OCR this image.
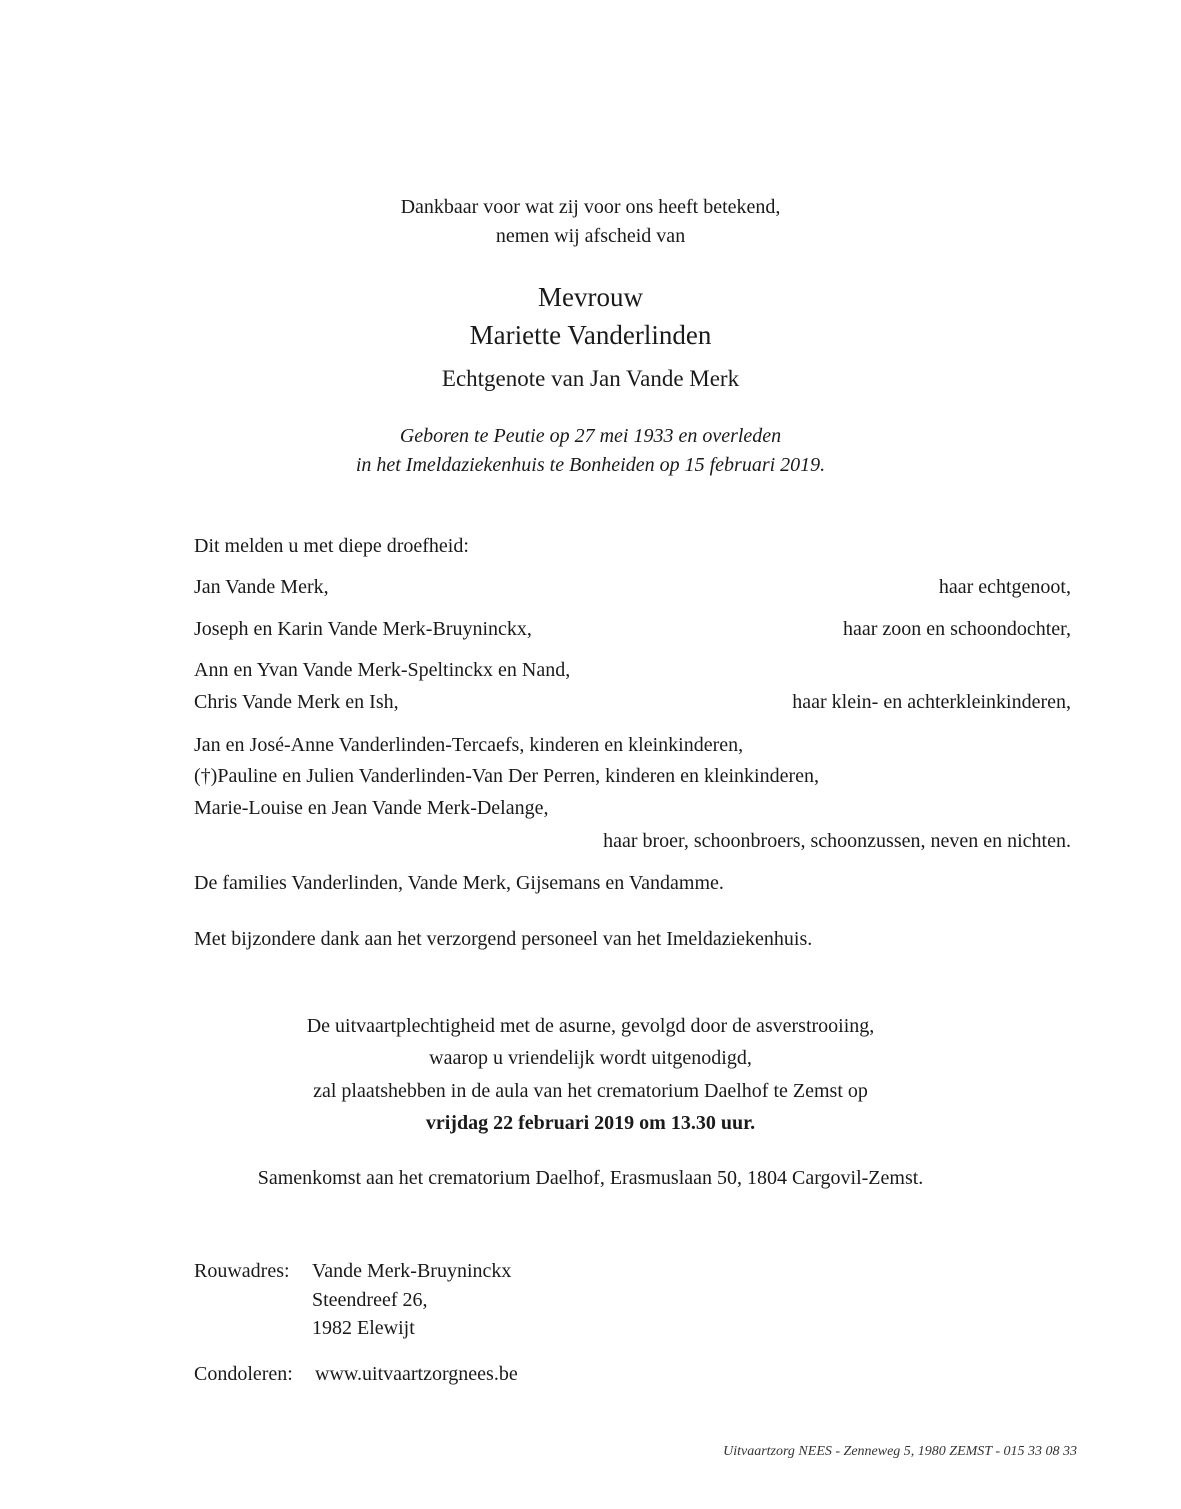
Dankbaar voor wat zij voor ons heeft betekend,
nemen wij afscheid van
Mevrouw
Mariette Vanderlinden
Echtgenote van Jan Vande Merk
Geboren te Peutie op 27 mei 1933 en overleden
in het Imeldaziekenhuis te Bonheiden op 15 februari 2019.
Dit melden u met diepe droefheid:
Jan Vande Merk,	haar echtgenoot,
Joseph en Karin Vande Merk-Bruyninckx,	haar zoon en schoondochter,
Ann en Yvan Vande Merk-Speltinckx en Nand,
Chris Vande Merk en Ish,	haar klein- en achterkleinkinderen,
Jan en José-Anne Vanderlinden-Tercaefs, kinderen en kleinkinderen,
(†)Pauline en Julien Vanderlinden-Van Der Perren, kinderen en kleinkinderen,
Marie-Louise en Jean Vande Merk-Delange,
haar broer, schoonbroers, schoonzussen, neven en nichten.
De families Vanderlinden, Vande Merk, Gijsemans en Vandamme.
Met bijzondere dank aan het verzorgend personeel van het Imeldaziekenhuis.
De uitvaartplechtigheid met de asurne, gevolgd door de asverstrooiing,
waarop u vriendelijk wordt uitgenodigd,
zal plaatshebben in de aula van het crematorium Daelhof te Zemst op
vrijdag 22 februari 2019 om 13.30 uur.
Samenkomst aan het crematorium Daelhof, Erasmuslaan 50, 1804 Cargovil-Zemst.
Rouwadres: Vande Merk-Bruyninckx
Steendreef 26,
1982 Elewijt
Condoleren: www.uitvaartzorgnees.be
Uitvaartzorg NEES - Zenneweg 5, 1980 ZEMST - 015 33 08 33
